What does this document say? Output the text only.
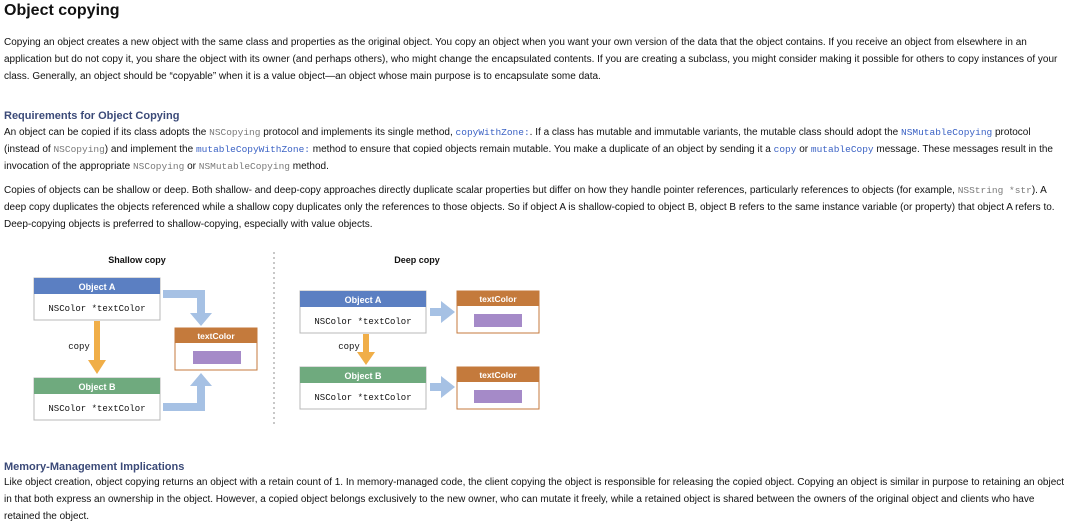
Object copying

Copying an object creates a new object with the same class and properties as the original object. You copy an object when you want your own version of the data that the object contains. If you receive an object from elsewhere in an application but do not copy it, you share the object with its owner (and perhaps others), who might change the encapsulated contents. If you are creating a subclass, you might consider making it possible for others to copy instances of your class. Generally, an object should be “copyable” when it is a value object—an object whose main purpose is to encapsulate some data.

Requirements for Object Copying

An object can be copied if its class adopts the NSCopying protocol and implements its single method, copyWithZone:. If a class has mutable and immutable variants, the mutable class should adopt the NSMutableCopying protocol (instead of NSCopying) and implement the mutableCopyWithZone: method to ensure that copied objects remain mutable. You make a duplicate of an object by sending it a copy or mutableCopy message. These messages result in the invocation of the appropriate NSCopying or NSMutableCopying method.

Copies of objects can be shallow or deep. Both shallow- and deep-copy approaches directly duplicate scalar properties but differ on how they handle pointer references, particularly references to objects (for example, NSString *str). A deep copy duplicates the objects referenced while a shallow copy duplicates only the references to those objects. So if object A is shallow-copied to object B, object B refers to the same instance variable (or property) that object A refers to. Deep-copying objects is preferred to shallow-copying, especially with value objects.

Shallow copy
Object A
NSColor *textColor
copy
Object B
NSColor *textColor
textColor
Deep copy
Object A
NSColor *textColor
copy
Object B
NSColor *textColor
textColor
textColor
Memory-Management Implications

Like object creation, object copying returns an object with a retain count of 1. In memory-managed code, the client copying the object is responsible for releasing the copied object. Copying an object is similar in purpose to retaining an object in that both express an ownership in the object. However, a copied object belongs exclusively to the new owner, who can mutate it freely, while a retained object is shared between the owners of the original object and clients who have retained the object.
